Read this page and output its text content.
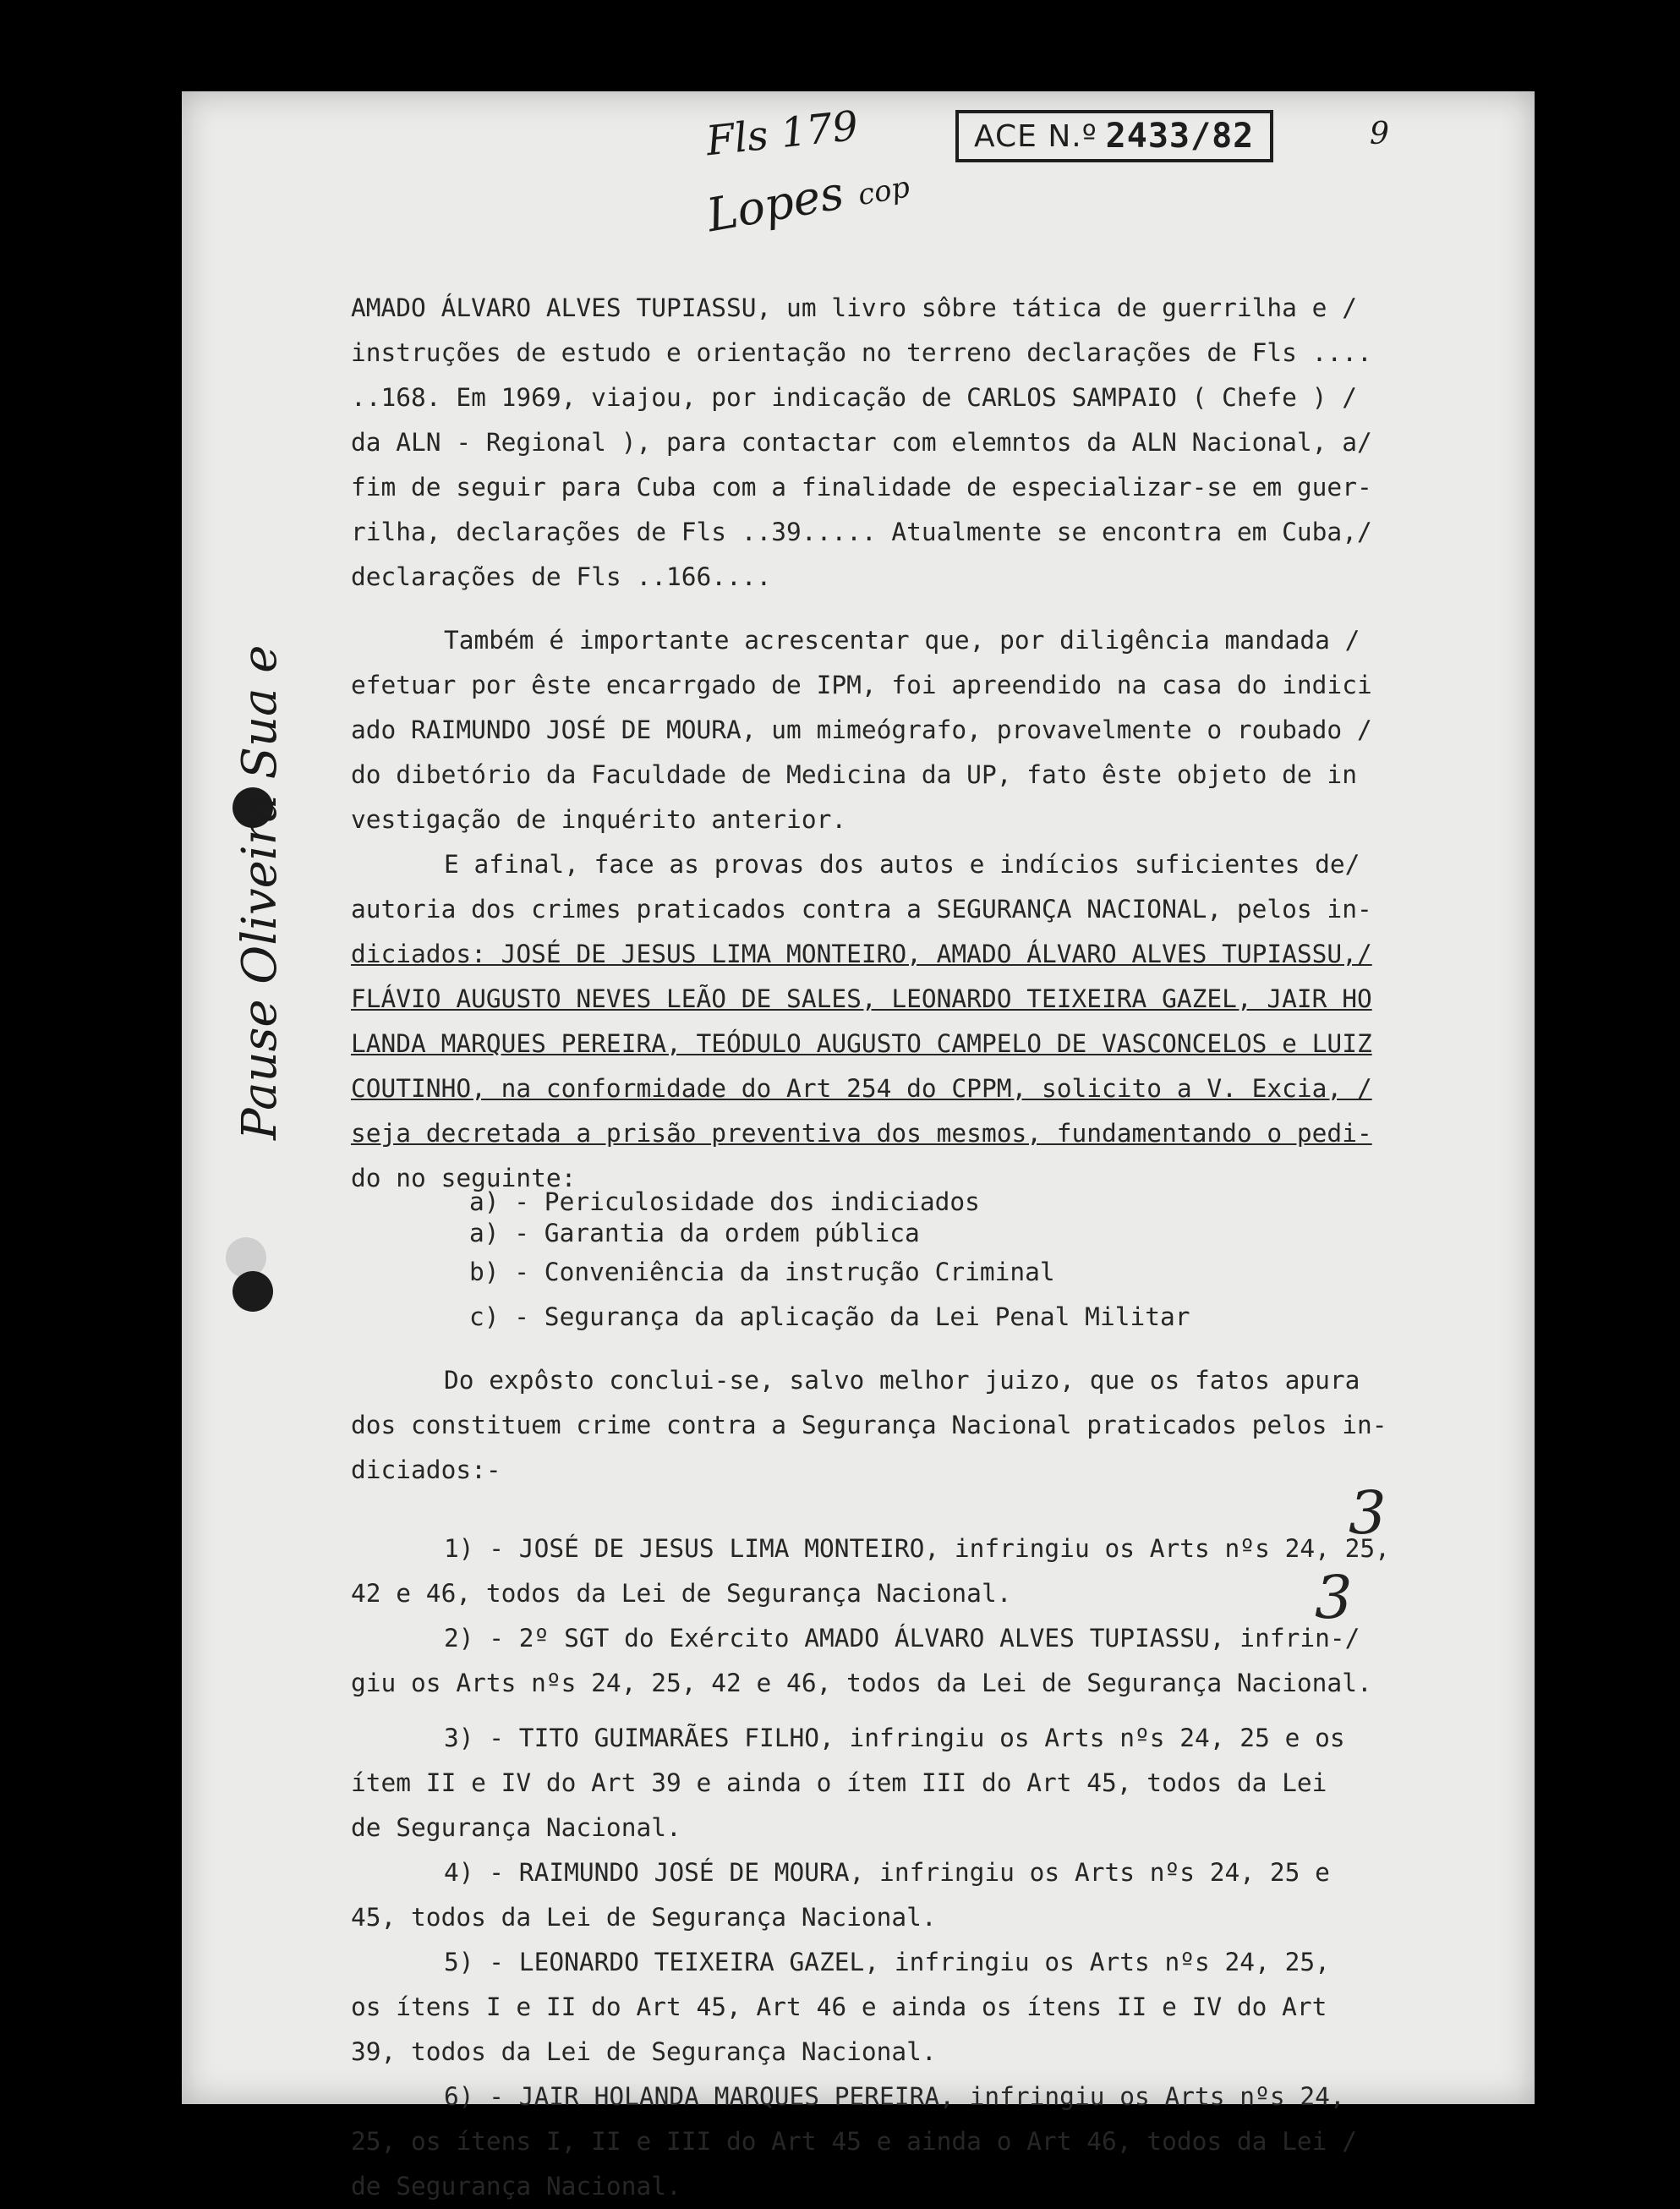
Fls 179
Lopes cop
ACE N.º 2433/82	9
Pause Oliveira Sua e
3
3
AMADO ÁLVARO ALVES TUPIASSU, um livro sôbre tática de guerrilha e /
instruções de estudo e orientação no terreno declarações de Fls ....
..168. Em 1969, viajou, por indicação de CARLOS SAMPAIO ( Chefe ) /
da ALN - Regional ), para contactar com elemntos da ALN Nacional, a/
fim de seguir para Cuba com a finalidade de especializar-se em guer-
rilha, declarações de Fls ..39..... Atualmente se encontra em Cuba,/
declarações de Fls ..166....
Também é importante acrescentar que, por diligência mandada /
efetuar por êste encarrgado de IPM, foi apreendido na casa do indici
ado RAIMUNDO JOSÉ DE MOURA, um mimeógrafo, provavelmente o roubado /
do dibetório da Faculdade de Medicina da UP, fato êste objeto de in
vestigação de inquérito anterior.
E afinal, face as provas dos autos e indícios suficientes de/
autoria dos crimes praticados contra a SEGURANÇA NACIONAL, pelos in-
diciados: JOSÉ DE JESUS LIMA MONTEIRO, AMADO ÁLVARO ALVES TUPIASSU,/
FLÁVIO AUGUSTO NEVES LEÃO DE SALES, LEONARDO TEIXEIRA GAZEL, JAIR HO
LANDA MARQUES PEREIRA, TEÓDULO AUGUSTO CAMPELO DE VASCONCELOS e LUIZ
COUTINHO, na conformidade do Art 254 do CPPM, solicito a V. Excia, /
seja decretada a prisão preventiva dos mesmos, fundamentando o pedi-
do no seguinte:
a) - Periculosidade dos indiciados
a) - Garantia da ordem pública
b) - Conveniência da instrução Criminal
c) - Segurança da aplicação da Lei Penal Militar
Do expôsto conclui-se, salvo melhor juizo, que os fatos apura
dos constituem crime contra a Segurança Nacional praticados pelos in-
diciados:-
1) - JOSÉ DE JESUS LIMA MONTEIRO, infringiu os Arts nºs 24, 25,
42 e 46, todos da Lei de Segurança Nacional.
2) - 2º SGT do Exército AMADO ÁLVARO ALVES TUPIASSU, infrin-/
giu os Arts nºs 24, 25, 42 e 46, todos da Lei de Segurança Nacional.
3) - TITO GUIMARÃES FILHO, infringiu os Arts nºs 24, 25 e os
ítem II e IV do Art 39 e ainda o ítem III do Art 45, todos da Lei
de Segurança Nacional.
4) - RAIMUNDO JOSÉ DE MOURA, infringiu os Arts nºs 24, 25 e
45, todos da Lei de Segurança Nacional.
5) - LEONARDO TEIXEIRA GAZEL, infringiu os Arts nºs 24, 25,
os ítens I e II do Art 45, Art 46 e ainda os ítens II e IV do Art
39, todos da Lei de Segurança Nacional.
6) - JAIR HOLANDA MARQUES PEREIRA, infringiu os Arts nºs 24,
25, os ítens I, II e III do Art 45 e ainda o Art 46, todos da Lei /
de Segurança Nacional.
